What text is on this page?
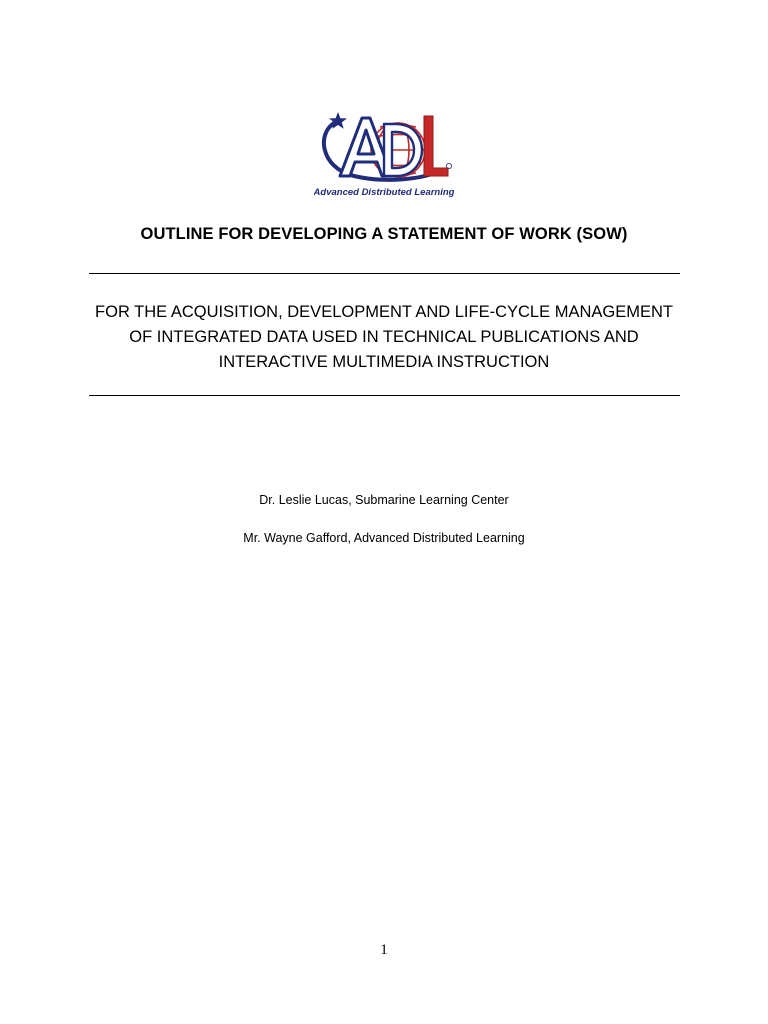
Advanced Distributed Learning
OUTLINE FOR DEVELOPING A STATEMENT OF WORK (SOW)
FOR THE ACQUISITION, DEVELOPMENT AND LIFE-CYCLE MANAGEMENT
OF INTEGRATED DATA USED IN TECHNICAL PUBLICATIONS AND
INTERACTIVE MULTIMEDIA INSTRUCTION
Dr. Leslie Lucas, Submarine Learning Center
Mr. Wayne Gafford, Advanced Distributed Learning
1
